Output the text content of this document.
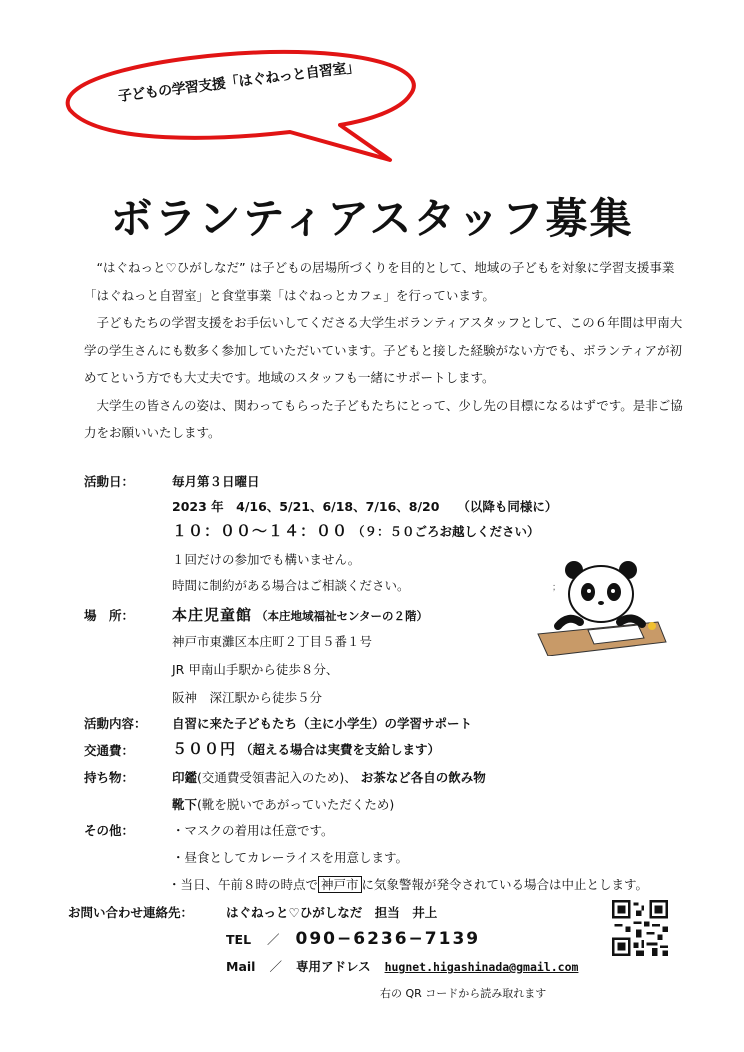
子どもの学習支援「はぐねっと自習室」
ボランティアスタッフ募集

“はぐねっと♡ひがしなだ” は子どもの居場所づくりを目的として、地域の子どもを対象に学習支援事業「はぐねっと自習室」と食堂事業「はぐねっとカフェ」を行っています。

子どもたちの学習支援をお手伝いしてくださる大学生ボランティアスタッフとして、この６年間は甲南大学の学生さんにも数多く参加していただいています。子どもと接した経験がない方でも、ボランティアが初めてという方でも大丈夫です。地域のスタッフも一緒にサポートします。

大学生の皆さんの姿は、関わってもらった子どもたちにとって、少し先の目標になるはずです。是非ご協力をお願いいたします。

活動日：	毎月第３日曜日
2023 年　4/16、5/21、6/18、7/16、8/20 （以降も同様に）
１０：００～１４：００ （９：５０ごろお越しください）
１回だけの参加でも構いません。
時間に制約がある場合はご相談ください。
場　所：	本庄児童館 （本庄地域福祉センターの２階）
神戸市東灘区本庄町２丁目５番１号
JR 甲南山手駅から徒歩８分、
阪神　深江駅から徒歩５分
；
活動内容： 自習に来た子どもたち（主に小学生）の学習サポート
交通費：	５００円 （超える場合は実費を支給します）
持ち物：	印鑑(交通費受領書記入のため)、 お茶など各自の飲み物
靴下(靴を脱いであがっていただくため)
その他：	・マスクの着用は任意です。
・昼食としてカレーライスを用意します。
・当日、午前８時の時点で 神戸市 に気象警報が発令されている場合は中止とします。
お問い合わせ連絡先：	はぐねっと♡ひがしなだ　担当　井上
TEL ／ 090−6236−7139
Mail ／ 専用アドレス hugnet.higashinada@gmail.com
右の QR コードから読み取れます
